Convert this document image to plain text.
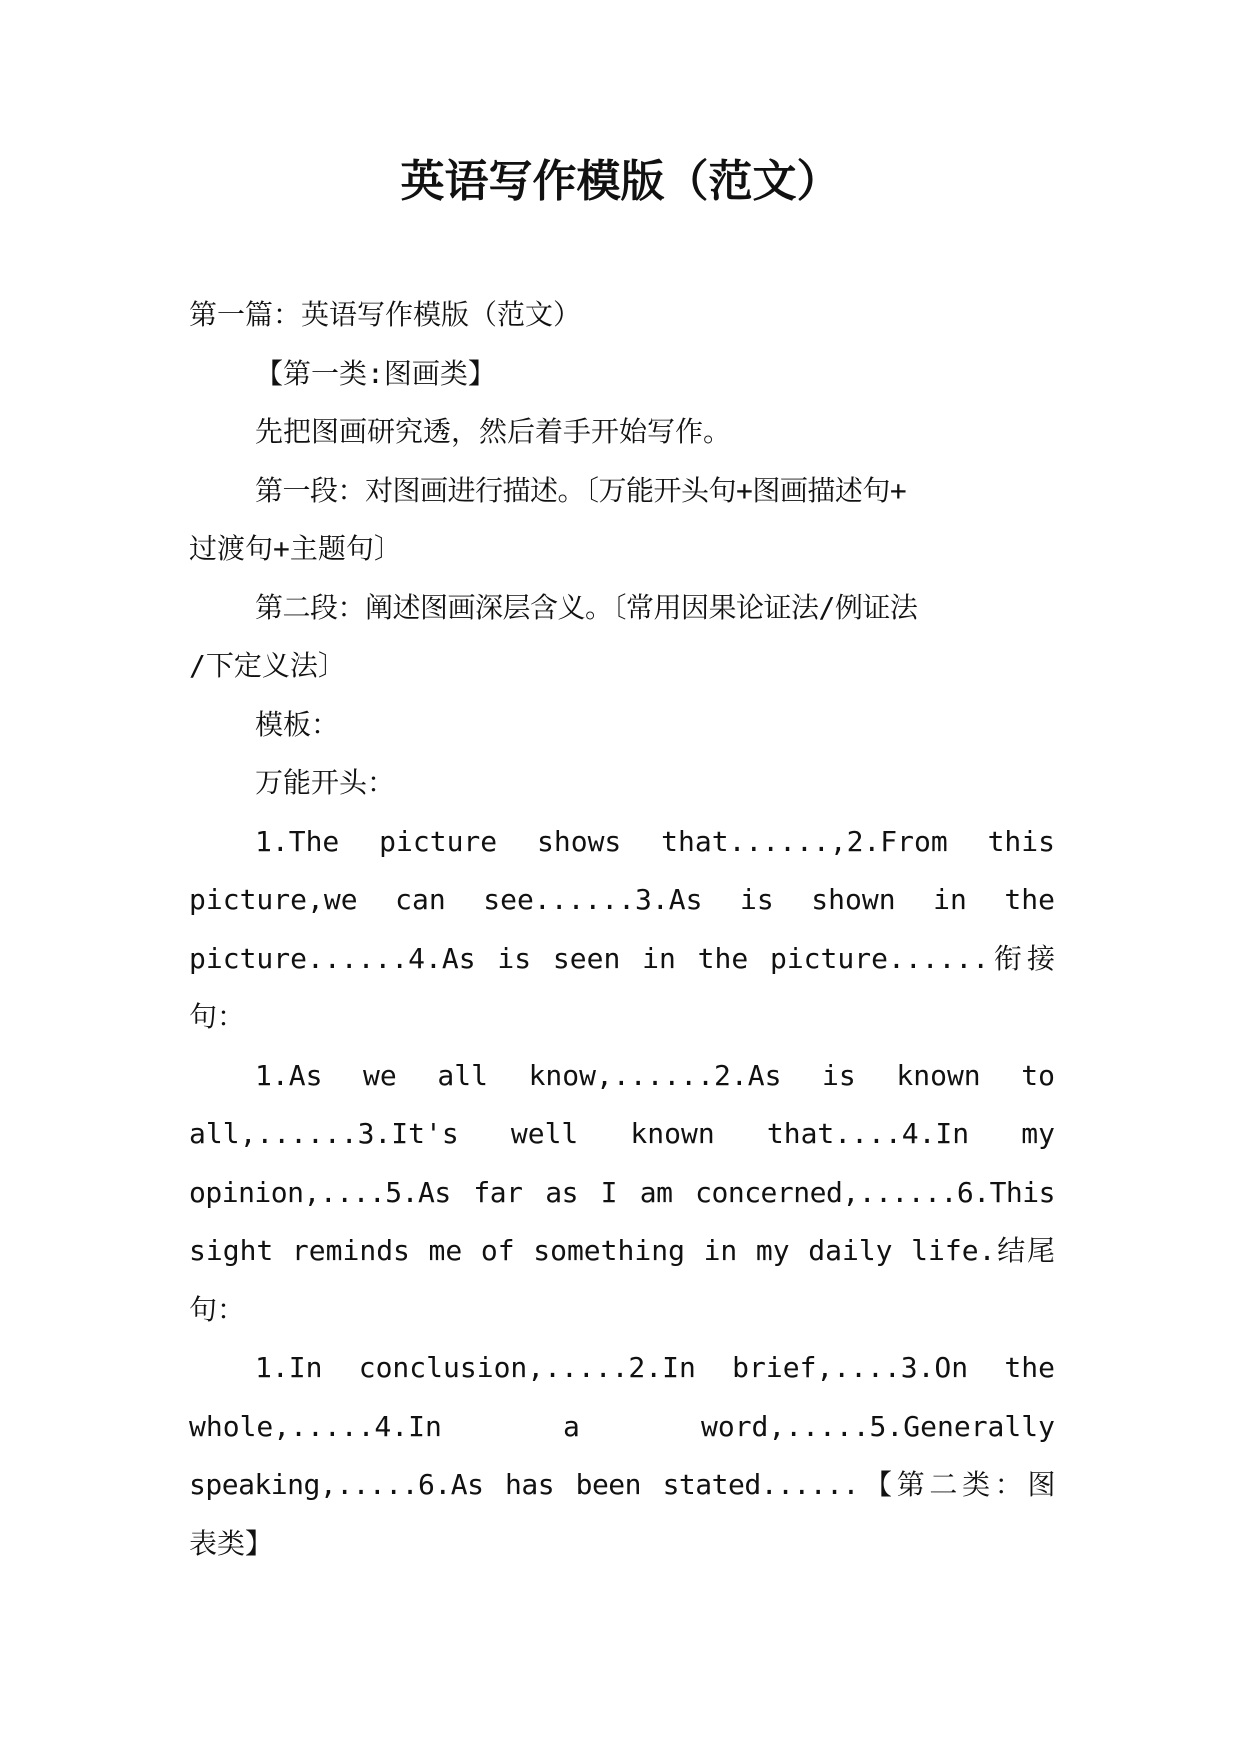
英语写作模版（范文）

第一篇：英语写作模版（范文）

【第一类:图画类】

先把图画研究透，然后着手开始写作。

第一段：对图画进行描述。〔万能开头句+图画描述句+

过渡句+主题句〕

第二段：阐述图画深层含义。〔常用因果论证法/例证法

/下定义法〕

模板：

万能开头：

1.The picture shows that......,2.From this

picture,we can see......3.As is shown in the

picture......4.As is seen in the picture......衔接

句：

1.As we all know,......2.As is known to

all,......3.It's well known that....4.In my

opinion,....5.As far as I am concerned,......6.This

sight reminds me of something in my daily life.结尾

句：

1.In conclusion,.....2.In brief,....3.On the

whole,.....4.In a word,.....5.Generally

speaking,.....6.As has been stated......【第二类：图

表类】
